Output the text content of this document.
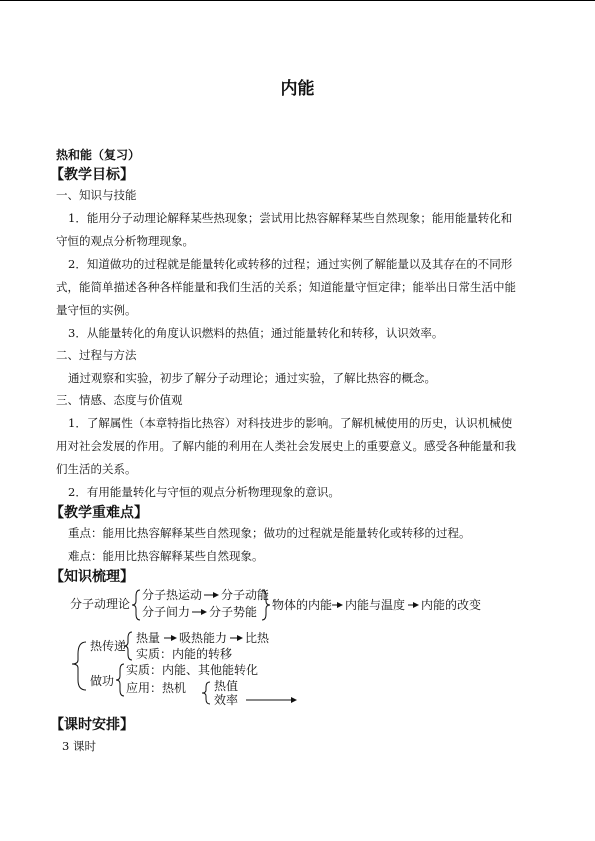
内能
热和能（复习）
【教学目标】
一、知识与技能
1．能用分子动理论解释某些热现象；尝试用比热容解释某些自然现象；能用能量转化和
守恒的观点分析物理现象。
2．知道做功的过程就是能量转化或转移的过程；通过实例了解能量以及其存在的不同形
式，能简单描述各种各样能量和我们生活的关系；知道能量守恒定律；能举出日常生活中能
量守恒的实例。
3．从能量转化的角度认识燃料的热值；通过能量转化和转移，认识效率。
二、过程与方法
通过观察和实验，初步了解分子动理论；通过实验，了解比热容的概念。
三、情感、态度与价值观
1．了解属性（本章特指比热容）对科技进步的影响。了解机械使用的历史，认识机械使
用对社会发展的作用。了解内能的利用在人类社会发展史上的重要意义。感受各种能量和我
们生活的关系。
2．有用能量转化与守恒的观点分析物理现象的意识。
【教学重难点】
重点：能用比热容解释某些自然现象；做功的过程就是能量转化或转移的过程。
难点：能用比热容解释某些自然现象。
【知识梳理】
分子动理论
分子热运动 分子动能
分子间力 分子势能 物体的内能 内能与温度 内能的改变
热传递
热量 吸热能力 比热
实质：内能的转移
做功
实质：内能、其他能转化
应用：热机 热值
效率
【课时安排】
3 课时
